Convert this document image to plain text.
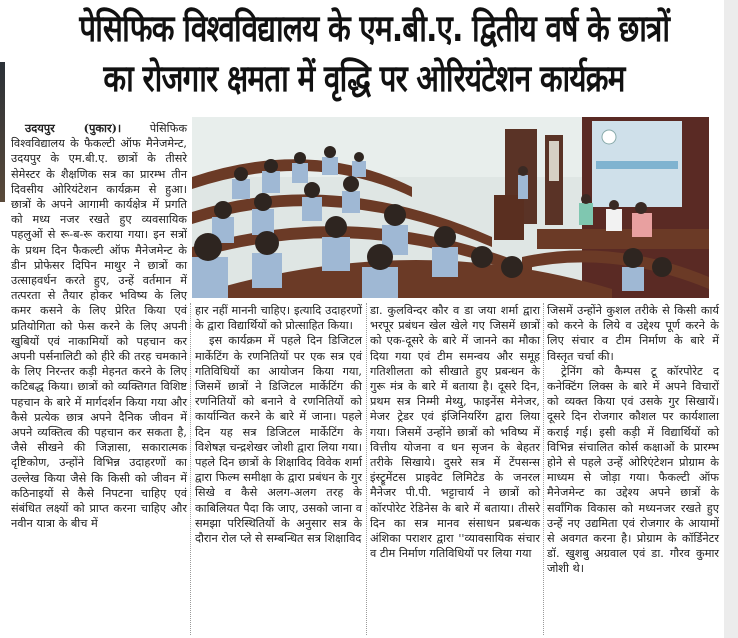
पेसिफिक विश्वविद्यालय के एम.बी.ए. द्वितीय वर्ष के छात्रों
का रोजगार क्षमता में वृद्धि पर ओरियंटेशन कार्यक्रम

उदयपुर (पुकार)।	पेसिफिक विश्वविद्यालय के फैकल्टी ऑफ मैनेजमेन्ट, उदयपुर के एम.बी.ए. छात्रों के तीसरे सेमेस्टर के शैक्षणिक सत्र का प्रारम्भ तीन दिवसीय ओरियंटेशन कार्यक्रम से हुआ। छात्रों के अपने आगामी कार्यक्षेत्र में प्रगति को मध्य नजर रखते हुए व्यवसायिक पहलुओं से रू-ब-रू कराया गया। इन सत्रों के प्रथम दिन फैकल्टी ऑफ मैनेजमेन्ट के डीन प्रोफेसर दिपिन माथुर ने छात्रों का उत्साहवर्धन करते हुए, उन्हें वर्तमान में तत्परता से तैयार होकर भविष्य के लिए कमर कसने के लिए प्रेरित किया एवं प्रतियोगिता को फेस करने के लिए अपनी खुबियों एवं नाकामियों को पहचान कर अपनी पर्सनालिटी को हीरे की तरह चमकाने के लिए निरन्तर कड़ी मेहनत करने के लिए कटिबद्ध किया। छात्रों को व्यक्तिगत विशिष्ट पहचान के बारे में मार्गदर्शन किया गया और कैसे प्रत्येक छात्र अपने दैनिक जीवन में अपने व्यक्तित्व की पहचान कर सकता है, जैसे सीखने की जिज्ञासा, सकारात्मक दृष्टिकोण, उन्होंने विभिन्न उदाहरणों का उल्लेख किया जैसे कि किसी को जीवन में कठिनाइयों से कैसे निपटना चाहिए एवं संबंधित लक्ष्यों को प्राप्त करना चाहिए और नवीन यात्रा के बीच में

हार नहीं माननी चाहिए। इत्यादि उदाहरणों के द्वारा विद्यार्थियों को प्रोत्साहित किया।

इस कार्यक्रम में पहले दिन डिजिटल मार्केटिंग के रणनितियों पर एक सत्र एवं गतिविधियों का आयोजन किया गया, जिसमें छात्रों ने डिजिटल मार्केटिंग की रणनितियों को बनाने वे रणनितियों को कार्यान्वित करने के बारे में जाना। पहले दिन यह सत्र डिजिटल मार्केटिंग के विशेषज्ञ चन्द्रशेखर जोशी द्वारा लिया गया। पहले दिन छात्रों के शिक्षाविद विवेक शर्मा द्वारा फिल्म समीक्षा के द्वारा प्रबंधन के गुर सिखे व कैसे अलग-अलग तरह के काबिलियत पैदा कि जाए, उसको जाना व समझा परिस्थितियों के अनुसार सत्र के दौरान रोल प्ले से सम्बन्धित सत्र शिक्षाविद

डा. कुलविन्दर कौर व डा जया शर्मा द्वारा भरपूर प्रबंधन खेल खेले गए जिसमें छात्रों को एक-दूसरे के बारे में जानने का मौका दिया गया एवं टीम समन्वय और समूह गतिशीलता को सीखाते हुए प्रबन्धन के गुरू मंत्र के बारे में बताया है। दूसरे दिन, प्रथम सत्र निम्मी मेथ्यु, फाइनेंस मेनेजर, मेजर ट्रेडर एवं इंजिनियरिंग द्वारा लिया गया। जिसमें उन्होंने छात्रों को भविष्य में वित्तीय योजना व धन सृजन के बेहतर तरीके सिखाये। दुसरे सत्र में टेंपसन्स इंस्ट्रूमेंटस प्राइवेट लिमिटेड के जनरल मैनेजर पी.पी. भट्टाचार्य ने छात्रों को कॉरपोरेट रेडिनेस के बारे में बताया। तीसरे दिन का सत्र मानव संसाधन प्रबन्धक अंशिका पराशर द्वारा ''व्यावसायिक संचार व टीम निर्माण गतिविधियों पर लिया गया

जिसमें उन्होंने कुशल तरीके से किसी कार्य को करने के लिये व उद्देश्य पूर्ण करने के लिए संचार व टीम निर्माण के बारे में विस्तृत चर्चा की।

ट्रेनिंग को कैम्पस टू कॉरपोरेट द कनेक्टिंग लिक्स के बारे में अपने विचारों को व्यक्त किया एवं उसके गुर सिखायें। दूसरे दिन रोजगार कौशल पर कार्यशाला कराई गई। इसी कड़ी में विद्यार्थियों को विभिन्न संचालित कोर्स कक्षाओं के प्रारम्भ होने से पहले उन्हें ओरिएंटेशन प्रोग्राम के माध्यम से जोड़ा गया। फैकल्टी ऑफ मैनेजमेन्ट का उद्देश्य अपने छात्रों के सर्वांगिक विकास को मध्यनजर रखते हुए उन्हें नए उद्यमिता एवं रोजगार के आयामों से अवगत करना है। प्रोग्राम के कॉर्डिनेटर डॉ. खुशबु अग्रवाल एवं डा. गौरव कुमार जोशी थे।
